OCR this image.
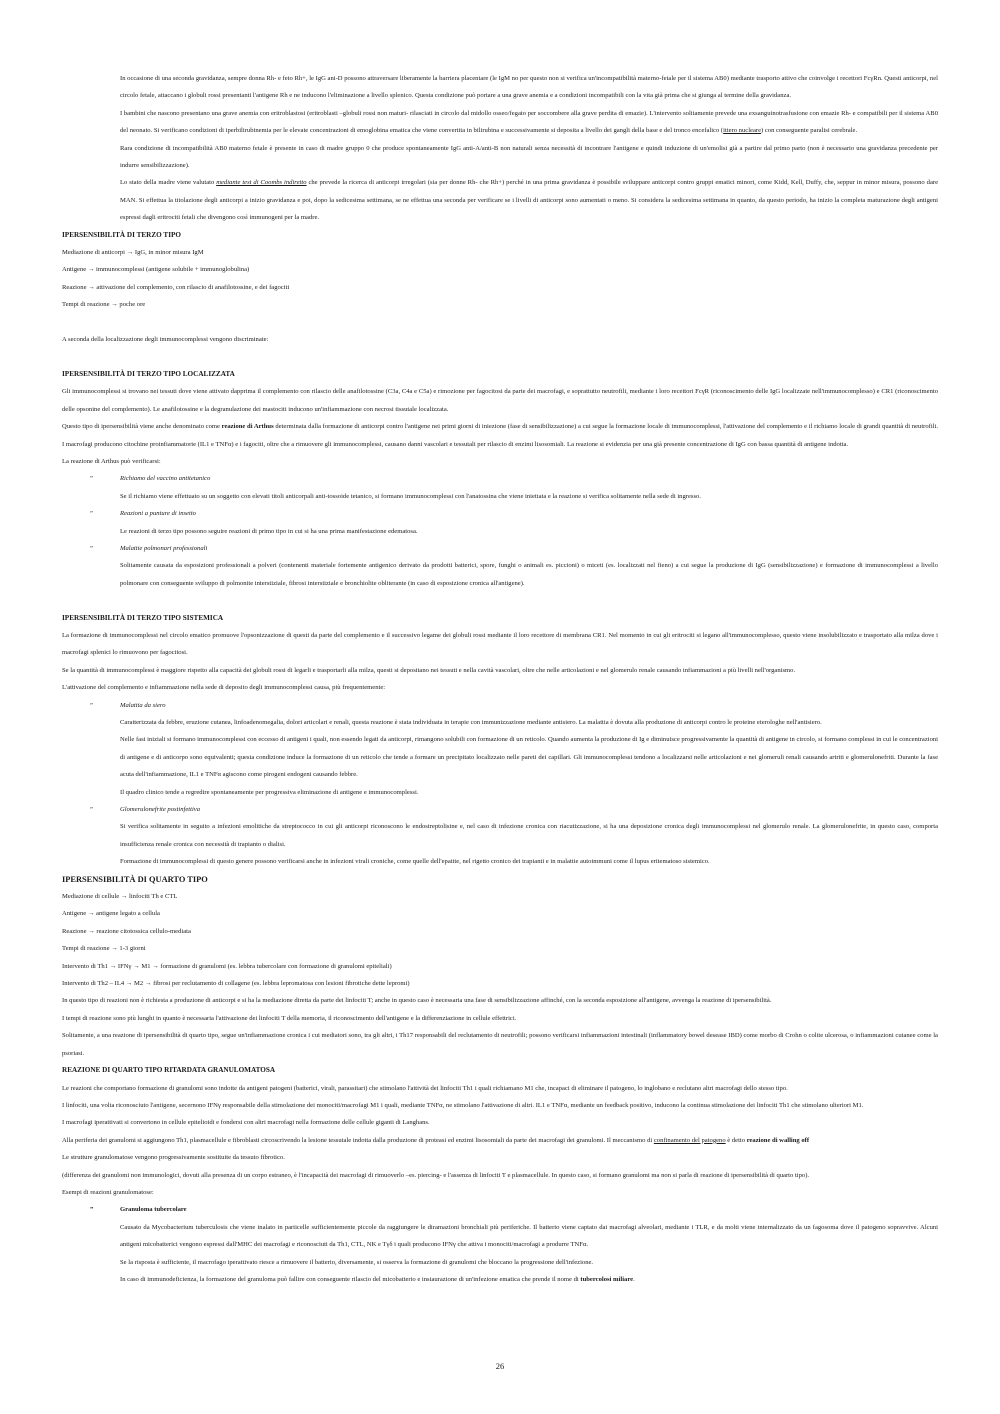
In occasione di una seconda gravidanza, sempre donna Rh- e feto Rh+, le IgG ani-D possono attraversare liberamente la barriera placentare (le IgM no per questo non si verifica un'incompatibilità materno-fetale per il sistema AB0) mediante trasporto attivo che coinvolge i recettori FcγRn. Questi anticorpi, nel circolo fetale, attaccano i globuli rossi presentanti l'antigene Rh e ne inducono l'eliminazione a livello splenico. Questa condizione può portare a una grave anemia e a condizioni incompatibili con la vita già prima che si giunga al termine della gravidanza.

I bambini che nascono presentano una grave anemia con eritroblastosi (eritroblasti –globuli rossi non maturi- rilasciati in circolo dal midollo osseo/fegato per soccombere alla grave perdita di emazie). L'intervento solitamente prevede una exsanguinotrasfusione con emazie Rh- e compatibili per il sistema AB0 del neonato. Si verificano condizioni di iperbilirubinemia per le elevate concentrazioni di emoglobina ematica che viene convertita in bilirubina e successivamente si deposita a livello dei gangli della base e del tronco encefalico (ittero nucleare) con conseguente paralisi cerebrale.

Rara condizione di incompatibilità AB0 materno fetale è presente in caso di madre gruppo 0 che produce spontaneamente IgG anti-A/anti-B non naturali senza necessità di incontrare l'antigene e quindi induzione di un'emolisi già a partire dal primo parto (non è necessario una gravidanza precedente per indurre sensibilizzazione).

Lo stato della madre viene valutato mediante test di Coombs indiretto che prevede la ricerca di anticorpi irregolari (sia per donne Rh- che Rh+) perché in una prima gravidanza è possibile sviluppare anticorpi contro gruppi ematici minori, come Kidd, Kell, Duffy, che, seppur in minor misura, possono dare MAN. Si effettua la titolazione degli anticorpi a inizio gravidanza e poi, dopo la sedicesima settimana, se ne effettua una seconda per verificare se i livelli di anticorpi sono aumentati o meno. Si considera la sedicesima settimana in quanto, da questo periodo, ha inizio la completa maturazione degli antigeni espressi dagli eritrociti fetali che divengono così immunogeni per la madre.

IPERSENSIBILITÀ DI TERZO TIPO

Mediazione di anticorpi → IgG, in minor misura IgM

Antigene → immunocomplessi (antigene solubile + immunoglobulina)

Reazione → attivazione del complemento, con rilascio di anafilotossine, e dei fagociti

Tempi di reazione → poche ore

A seconda della localizzazione degli immunocomplessi vengono discriminate:

IPERSENSIBILITÀ DI TERZO TIPO LOCALIZZATA

Gli immunocomplessi si trovano nei tessuti dove viene attivato dapprima il complemento con rilascio delle anafilotossine (C3a, C4a e C5a) e rimozione per fagocitosi da parte dei macrofagi, e soprattutto neutrofili, mediante i loro recettori FcγR (riconoscimento delle IgG localizzate nell'immunocomplesso) e CR1 (riconoscimento delle opsonine del complemento). Le anafilotossine e la degranulazione dei mastociti inducono un'infiammazione con necrosi tissutale localizzata.

Questo tipo di ipersensibilità viene anche denominato come reazione di Arthus determinata dalla formazione di anticorpi contro l'antigene nei primi giorni di iniezione (fase di sensibilizzazione) a cui segue la formazione locale di immunocomplessi, l'attivazione del complemento e il richiamo locale di grandi quantità di neutrofili. I macrofagi producono citochine proinfiammatorie (IL1 e TNFα) e i fagociti, oltre che a rimuovere gli immunocomplessi, causano danni vascolari e tessutali per rilascio di enzimi lisosomiali. La reazione si evidenzia per una già presente concentrazione di IgG con bassa quantità di antigene indotta.

La reazione di Arthus può verificarsi:

” Richiamo del vaccino antitetanico

Se il richiamo viene effettuato su un soggetto con elevati titoli anticorpali anti-tossoide tetanico, si formano immunocomplessi con l'anatossina che viene iniettata e la reazione si verifica solitamente nella sede di ingresso.

” Reazioni a punture di insetto

Le reazioni di terzo tipo possono seguire reazioni di primo tipo in cui si ha una prima manifestazione edematosa.

” Malattie polmonari professionali

Solitamente causata da esposizioni professionali a polveri (contenenti materiale fortemente antigenico derivato da prodotti batterici, spore, funghi o animali es. piccioni) o miceti (es. localizzati nel fieno) a cui segue la produzione di IgG (sensibilizzazione) e formazione di immunocomplessi a livello polmonare con conseguente sviluppo di polmonite interstiziale, fibrosi interstiziale e bronchiolite obliterante (in caso di esposizione cronica all'antigene).

IPERSENSIBILITÀ DI TERZO TIPO SISTEMICA

La formazione di immunocomplessi nel circolo ematico promuove l'opsonizzazione di questi da parte del complemento e il successivo legame dei globuli rossi mediante il loro recettore di membrana CR1. Nel momento in cui gli eritrociti si legano all'immunocomplesso, questo viene insolubilizzato e trasportato alla milza dove i macrofagi splenici lo rimuovono per fagocitosi.

Se la quantità di immunocomplessi è maggiore rispetto alla capacità dei globuli rossi di legarli e trasportarli alla milza, questi si depositano nei tessuti e nella cavità vascolari, oltre che nelle articolazioni e nel glomerulo renale causando infiammazioni a più livelli nell'organismo.

L'attivazione del complemento e infiammazione nella sede di deposito degli immunocomplessi causa, più frequentemente:

” Malattia da siero

Caratterizzata da febbre, eruzione cutanea, linfoadenomegalia, dolori articolari e renali, questa reazione è stata individuata in terapie con immunizzazione mediante antisiero. La malattia è dovuta alla produzione di anticorpi contro le proteine eterologhe nell'antisiero.

Nelle fasi iniziali si formano immunocomplessi con eccesso di antigeni i quali, non essendo legati da anticorpi, rimangono solubili con formazione di un reticolo. Quando aumenta la produzione di Ig e diminuisce progressivamente la quantità di antigene in circolo, si formano complessi in cui le concentrazioni di antigene e di anticorpo sono equivalenti; questa condizione induce la formazione di un reticolo che tende a formare un precipitato localizzato nelle pareti dei capillari. Gli immunocomplessi tendono a localizzarsi nelle articolazioni e nei glomeruli renali causando artriti e glomerulonefriti. Durante la fase acuta dell'infiammazione, IL1 e TNFα agiscono come pirogeni endogeni causando febbre.

Il quadro clinico tende a regredire spontaneamente per progressiva eliminazione di antigene e immunocomplessi.

” Glomerulonefrite postinfettiva

Si verifica solitamente in seguito a infezioni emolitiche da streptococco in cui gli anticorpi riconoscono le endostreptolisine e, nel caso di infezione cronica con riacutizzazione, si ha una deposizione cronica degli immunocomplessi nel glomerulo renale. La glomerulonefrite, in questo caso, comporta insufficienza renale cronica con necessità di trapianto o dialisi.

Formazione di immunocomplessi di questo genere possono verificarsi anche in infezioni virali croniche, come quelle dell'epatite, nel rigetto cronico dei trapianti e in malattie autoimmuni come il lupus eritematoso sistemico.

IPERSENSIBILITÀ DI QUARTO TIPO

Mediazione di cellule → linfociti Th e CTL

Antigene → antigene legato a cellula

Reazione → reazione citotossica cellulo-mediata

Tempi di reazione → 1-3 giorni

Intervento di Th1 → IFNγ → M1 → formazione di granulomi (es. lebbra tubercolare con formazione di granulomi epiteliali)

Intervento di Th2 – IL4 → M2 → fibrosi per reclutamento di collagene (es. lebbra lepromatosa con lesioni fibrotiche dette lepromi)

In questo tipo di reazioni non è richiesta a produzione di anticorpi e si ha la mediazione diretta da parte dei linfociti T; anche in questo caso è necessaria una fase di sensibilizzazione affinché, con la seconda esposizione all'antigene, avvenga la reazione di ipersensibilità.

I tempi di reazione sono più lunghi in quanto è necessaria l'attivazione dei linfociti T della memoria, il riconoscimento dell'antigene e la differenziazione in cellule effettrici.

Solitamente, a una reazione di ipersensibilità di quarto tipo, segue un'infiammazione cronica i cui mediatori sono, tra gli altri, i Th17 responsabili del reclutamento di neutrofili; possono verificarsi infiammazioni intestinali (inflammatory bowel desease IBD) come morbo di Crohn o colite ulcerosa, o infiammazioni cutanee come la psoriasi.

REAZIONE DI QUARTO TIPO RITARDATA GRANULOMATOSA

Le reazioni che comportano formazione di granulomi sono indotte da antigeni patogeni (batterici, virali, parassitari) che stimolano l'attività dei linfociti Th1 i quali richiamano M1 che, incapaci di eliminare il patogeno, lo inglobano e reclutano altri macrofagi dello stesso tipo.

I linfociti, una volta riconosciuto l'antigene, secernono IFNγ responsabile della stimolazione dei monociti/macrofagi M1 i quali, mediante TNFα, ne stimolano l'attivazione di altri. IL1 e TNFα, mediante un feedback positivo, inducono la continua stimolazione dei linfociti Th1 che stimolano ulteriori M1.

I macrofagi iperattivati si convertono in cellule epitelioidi e fondersi con altri macrofagi nella formazione delle cellule giganti di Langhans.

Alla periferia dei granulomi si aggiungono Th1, plasmacellule e fibroblasti circoscrivendo la lesione tessutale indotta dalla produzione di proteasi ed enzimi lisosomiali da parte dei macrofagi dei granulomi. Il meccanismo di confinamento del patogeno è detto reazione di walling off

Le strutture granulomatose vengono progressivamente sostituite da tessuto fibrotico.

(differenza dei granulomi non immunologici, dovuti alla presenza di un corpo estraneo, è l'incapacità dei macrofagi di rimuoverlo –es. piercing- e l'assenza di linfociti T e plasmacellule. In questo caso, si formano granulomi ma non si parla di reazione di ipersensibilità di quarto tipo).

Esempi di reazioni granulomatose:

” Granuloma tubercolare

Causato da Mycobacterium tuberculosis che viene inalato in particelle sufficientemente piccole da raggiungere le diramazioni bronchiali più periferiche. Il batterio viene captato dai macrofagi alveolari, mediante i TLR, e da molti viene internalizzato da un fagosoma dove il patogeno sopravvive. Alcuni antigeni micobatterici vengono espressi dall'MHC dei macrofagi e riconosciuti da Th1, CTL, NK e Tγδ i quali producono IFNγ che attiva i monociti/macrofagi a produrre TNFα.

Se la risposta è sufficiente, il macrofago iperattivato riesce a rimuovere il batterio, diversamente, si osserva la formazione di granulomi che bloccano la progressione dell'infezione.

In caso di immunodeficienza, la formazione del granuloma può fallire con conseguente rilascio del micobatterio e instaurazione di un'infezione ematica che prende il nome di tubercolosi miliare.

26
